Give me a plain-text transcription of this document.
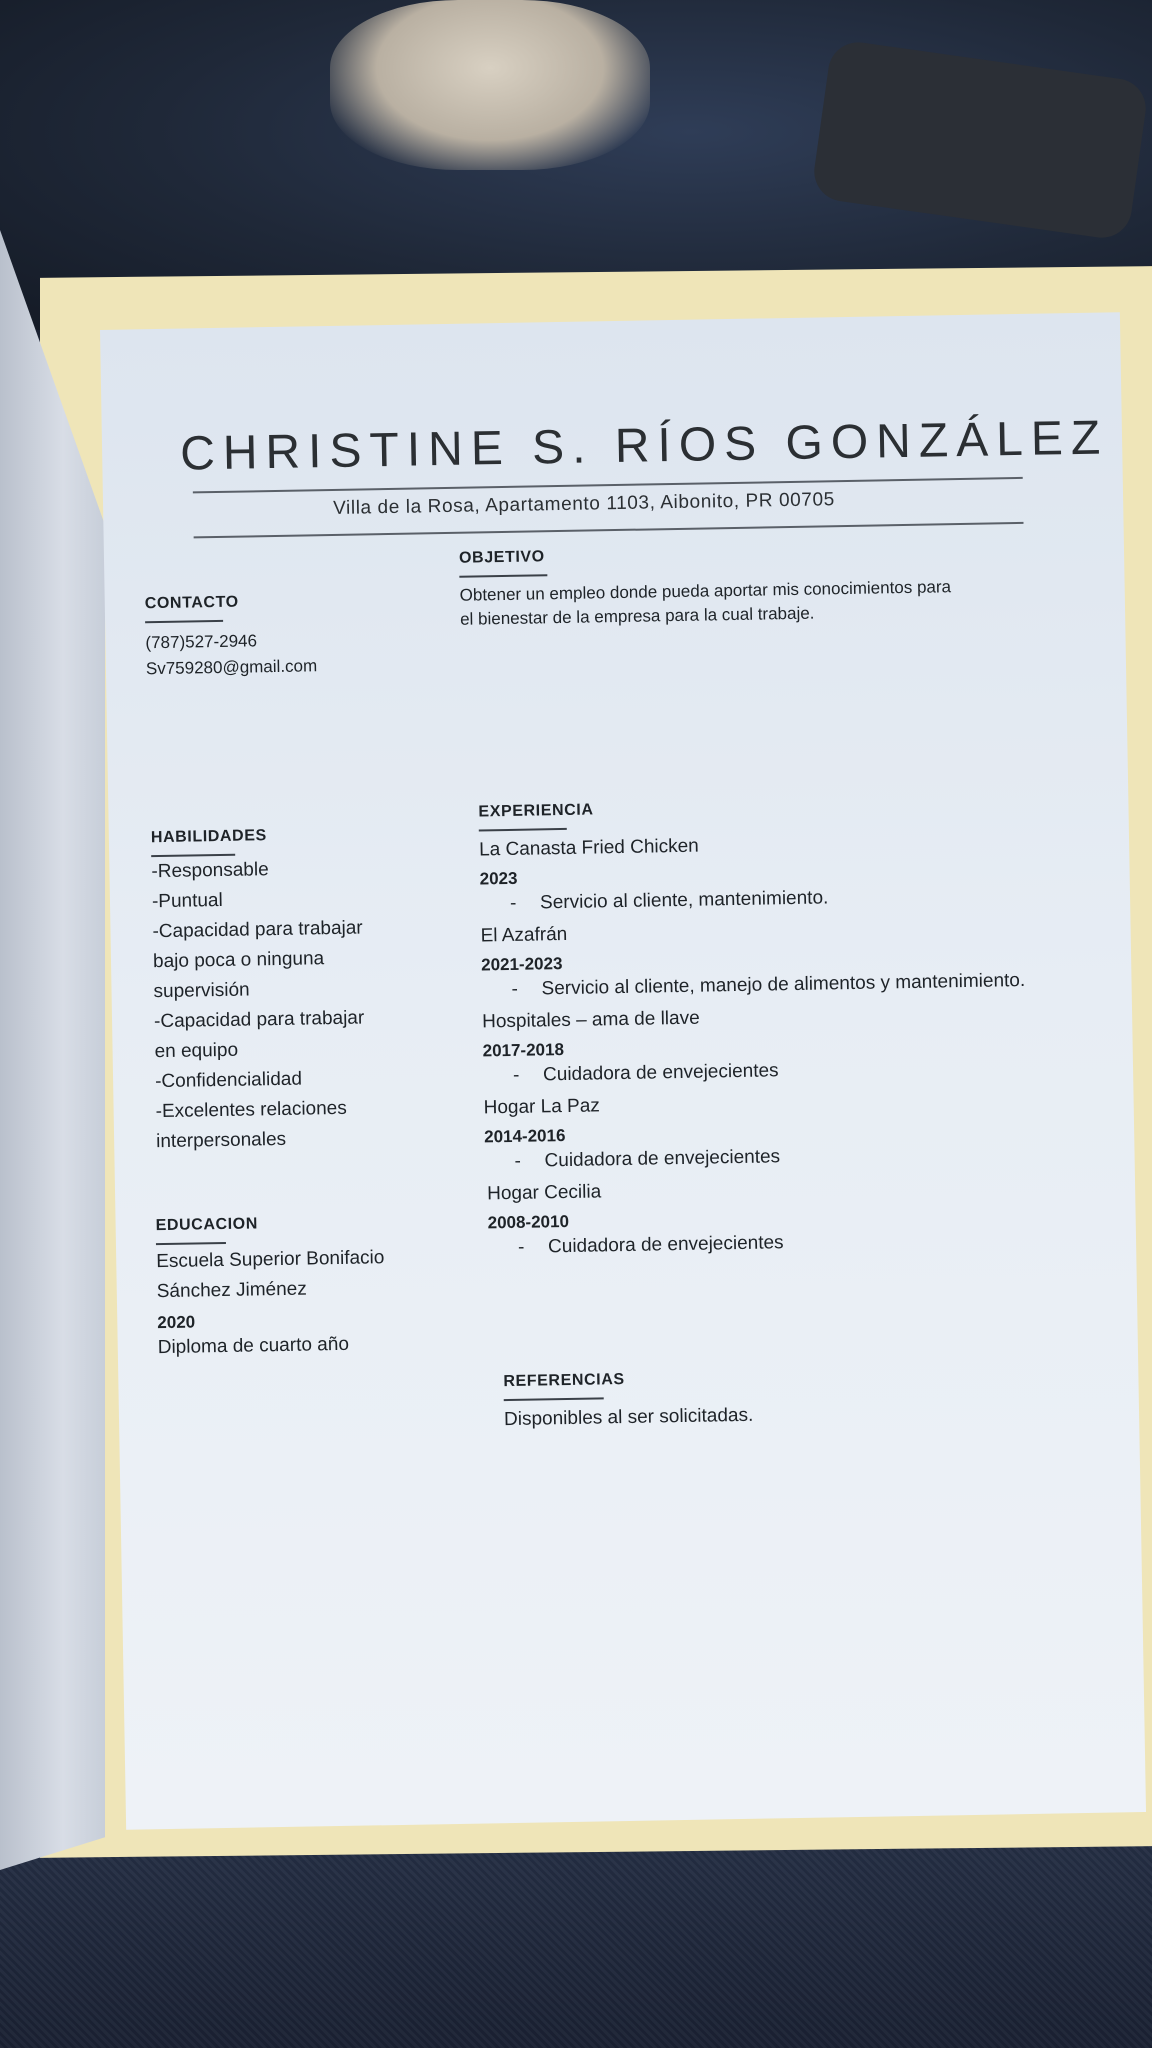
CHRISTINE S. RÍOS GONZÁLEZ
Villa de la Rosa, Apartamento 1103, Aibonito, PR 00705
CONTACTO
(787)527-2946
Sv759280@gmail.com
OBJETIVO
Obtener un empleo donde pueda aportar mis conocimientos para
el bienestar de la empresa para la cual trabaje.
HABILIDADES
-Responsable
-Puntual
-Capacidad para trabajar
bajo poca o ninguna
supervisión
-Capacidad para trabajar
en equipo
-Confidencialidad
-Excelentes relaciones
interpersonales
EXPERIENCIA
La Canasta Fried Chicken
2023
- Servicio al cliente, mantenimiento.
El Azafrán
2021-2023
- Servicio al cliente, manejo de alimentos y mantenimiento.
Hospitales – ama de llave
2017-2018
- Cuidadora de envejecientes
Hogar La Paz
2014-2016
- Cuidadora de envejecientes
Hogar Cecilia
2008-2010
- Cuidadora de envejecientes
EDUCACION
Escuela Superior Bonifacio
Sánchez Jiménez
2020
Diploma de cuarto año
REFERENCIAS
Disponibles al ser solicitadas.
